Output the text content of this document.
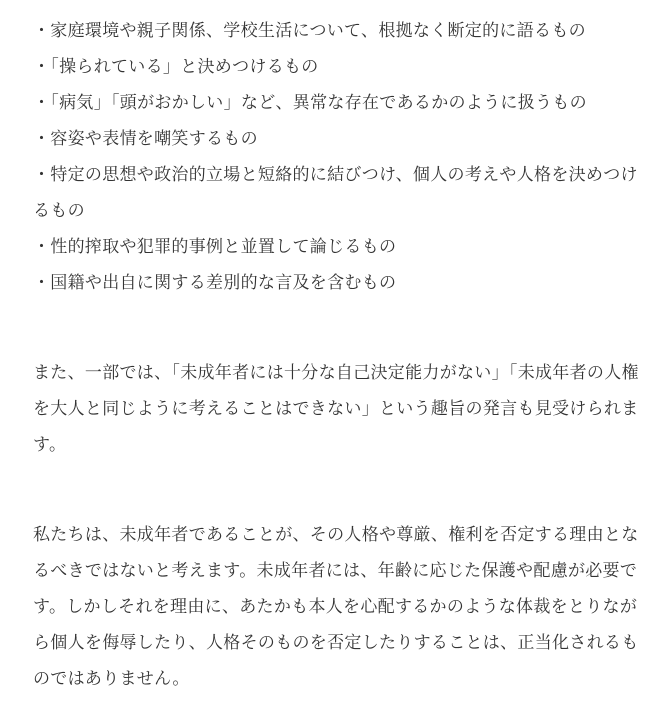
・家庭環境や親子関係、学校生活について、根拠なく断定的に語るもの
・「操られている」と決めつけるもの
・「病気」「頭がおかしい」など、異常な存在であるかのように扱うもの
・容姿や表情を嘲笑するもの
・特定の思想や政治的立場と短絡的に結びつけ、個人の考えや人格を決めつけるもの
・性的搾取や犯罪的事例と並置して論じるもの
・国籍や出自に関する差別的な言及を含むもの

また、一部では、「未成年者には十分な自己決定能力がない」「未成年者の人権を大人と同じように考えることはできない」という趣旨の発言も見受けられます。

私たちは、未成年者であることが、その人格や尊厳、権利を否定する理由となるべきではないと考えます。未成年者には、年齢に応じた保護や配慮が必要です。しかしそれを理由に、あたかも本人を心配するかのような体裁をとりながら個人を侮辱したり、人格そのものを否定したりすることは、正当化されるものではありません。
